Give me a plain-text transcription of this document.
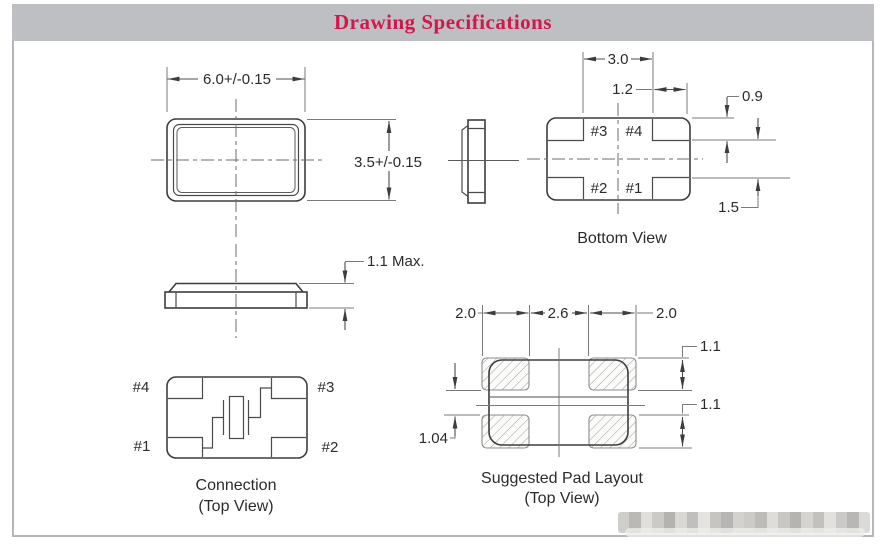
Drawing Specifications
6.0+/-0.15
3.5+/-0.15
1.1 Max.
#3 #4
#2 #1
3.0
1.2	0.9
1.5
Bottom View
#4	#3
#1	#2
Connection
(Top View)
2.0	2.6	2.0
1.1
1.1
1.04
Suggested Pad Layout
(Top View)
